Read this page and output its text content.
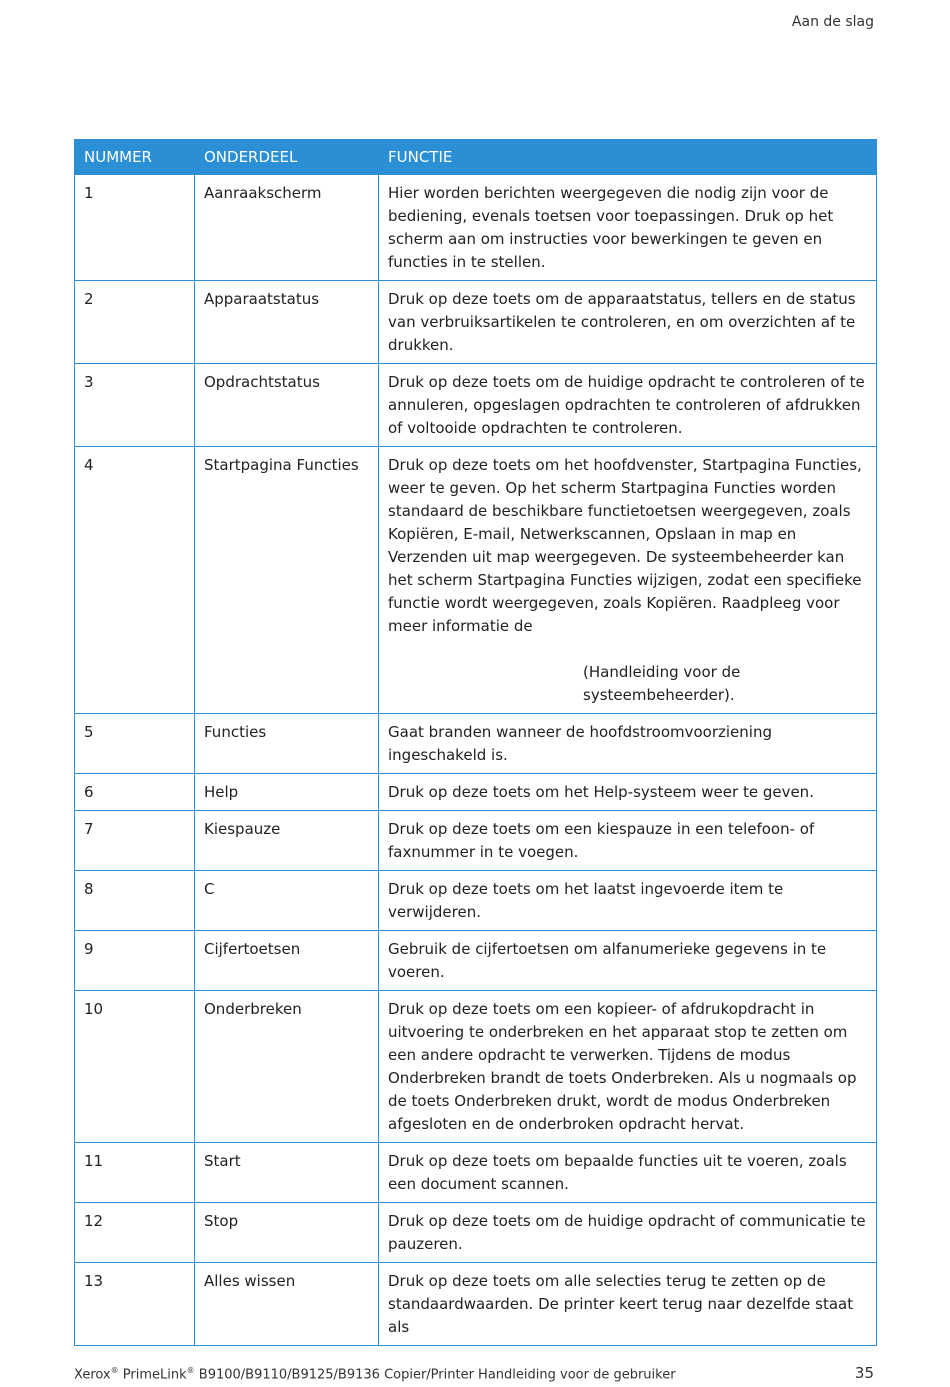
Aan de slag
NUMMER	ONDERDEEL	FUNCTIE
1	Aanraakscherm	Hier worden berichten weergegeven die nodig zijn voor de bediening, evenals toetsen voor toepassingen. Druk op het scherm aan om instructies voor bewerkingen te geven en functies in te stellen.
2	Apparaatstatus	Druk op deze toets om de apparaatstatus, tellers en de status van verbruiksartikelen te controleren, en om overzichten af te drukken.
3	Opdrachtstatus	Druk op deze toets om de huidige opdracht te controleren of te annuleren, opgeslagen opdrachten te controleren of afdrukken of voltooide opdrachten te controleren.
4	Startpagina Functies	Druk op deze toets om het hoofdvenster, Startpagina Functies, weer te geven. Op het scherm Startpagina Functies worden standaard de beschikbare functietoetsen weergegeven, zoals Kopiëren, E-mail, Netwerkscannen, Opslaan in map en Verzenden uit map weergegeven. De systeembeheerder kan het scherm Startpagina Functies wijzigen, zodat een specifieke functie wordt weergegeven, zoals Kopiëren. Raadpleeg voor meer informatie de
(Handleiding voor de systeembeheerder).

5	Functies	Gaat branden wanneer de hoofdstroomvoorziening ingeschakeld is.
6	Help	Druk op deze toets om het Help-systeem weer te geven.
7	Kiespauze	Druk op deze toets om een kiespauze in een telefoon- of faxnummer in te voegen.
8	C	Druk op deze toets om het laatst ingevoerde item te verwijderen.
9	Cijfertoetsen	Gebruik de cijfertoetsen om alfanumerieke gegevens in te voeren.
10	Onderbreken	Druk op deze toets om een kopieer- of afdrukopdracht in uitvoering te onderbreken en het apparaat stop te zetten om een andere opdracht te verwerken. Tijdens de modus Onderbreken brandt de toets Onderbreken. Als u nogmaals op de toets Onderbreken drukt, wordt de modus Onderbreken afgesloten en de onderbroken opdracht hervat.
11	Start	Druk op deze toets om bepaalde functies uit te voeren, zoals een document scannen.
12	Stop	Druk op deze toets om de huidige opdracht of communicatie te pauzeren.
13	Alles wissen	Druk op deze toets om alle selecties terug te zetten op de standaardwaarden. De printer keert terug naar dezelfde staat als
Xerox® PrimeLink® B9100/B9110/B9125/B9136 Copier/Printer Handleiding voor de gebruiker	35
